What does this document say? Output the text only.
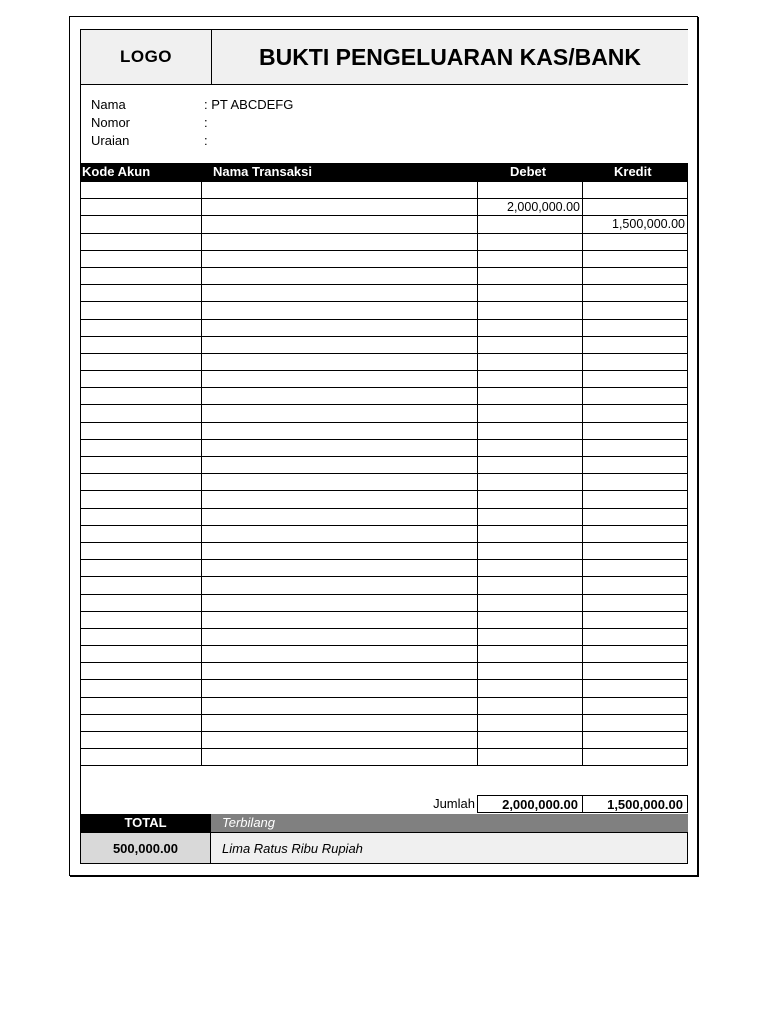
LOGO	BUKTI PENGELUARAN KAS/BANK
Nama	: PT ABCDEFG
Nomor	:
Uraian	:
Kode Akun	Nama Transaksi	Debet	Kredit

		2,000,000.00	
			1,500,000.00

Jumlah	2,000,000.00	1,500,000.00
TOTAL	Terbilang
500,000.00	Lima Ratus Ribu Rupiah
